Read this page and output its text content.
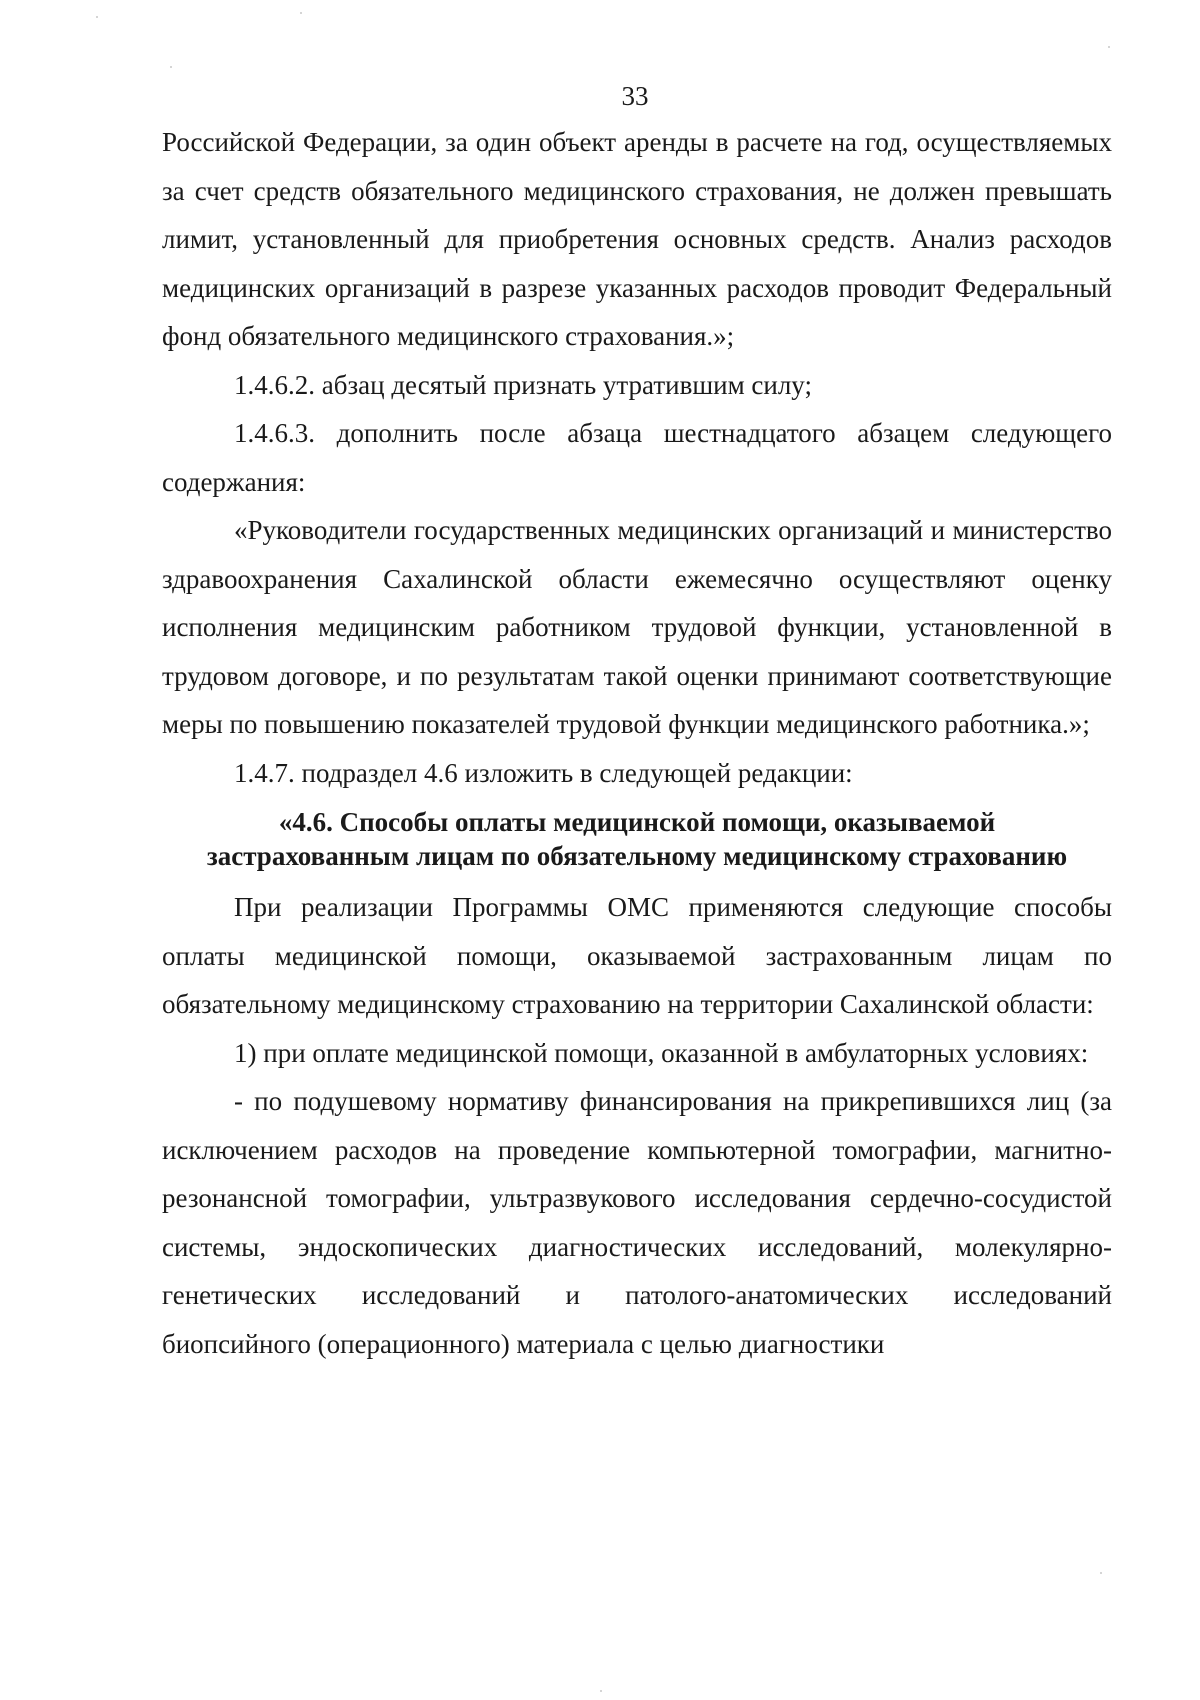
33

Российской Федерации, за один объект аренды в расчете на год, осуществляемых за счет средств обязательного медицинского страхования, не должен превышать лимит, установленный для приобретения основных средств. Анализ расходов медицинских организаций в разрезе указанных расходов проводит Федеральный фонд обязательного медицинского страхования.»;

1.4.6.2. абзац десятый признать утратившим силу;

1.4.6.3. дополнить после абзаца шестнадцатого абзацем следующего содержания:

«Руководители государственных медицинских организаций и министерство здравоохранения Сахалинской области ежемесячно осуществляют оценку исполнения медицинским работником трудовой функции, установленной в трудовом договоре, и по результатам такой оценки принимают соответствующие меры по повышению показателей трудовой функции медицинского работника.»;

1.4.7. подраздел 4.6 изложить в следующей редакции:

«4.6. Способы оплаты медицинской помощи, оказываемой
застрахованным лицам по обязательному медицинскому страхованию

При реализации Программы ОМС применяются следующие способы оплаты медицинской помощи, оказываемой застрахованным лицам по обязательному медицинскому страхованию на территории Сахалинской области:

1) при оплате медицинской помощи, оказанной в амбулаторных условиях:

- по подушевому нормативу финансирования на прикрепившихся лиц (за исключением расходов на проведение компьютерной томографии, магнитно-резонансной томографии, ультразвукового исследования сердечно-сосудистой системы, эндоскопических диагностических исследований, молекулярно-генетических исследований и патолого-анатомических исследований биопсийного (операционного) материала с целью диагностики
